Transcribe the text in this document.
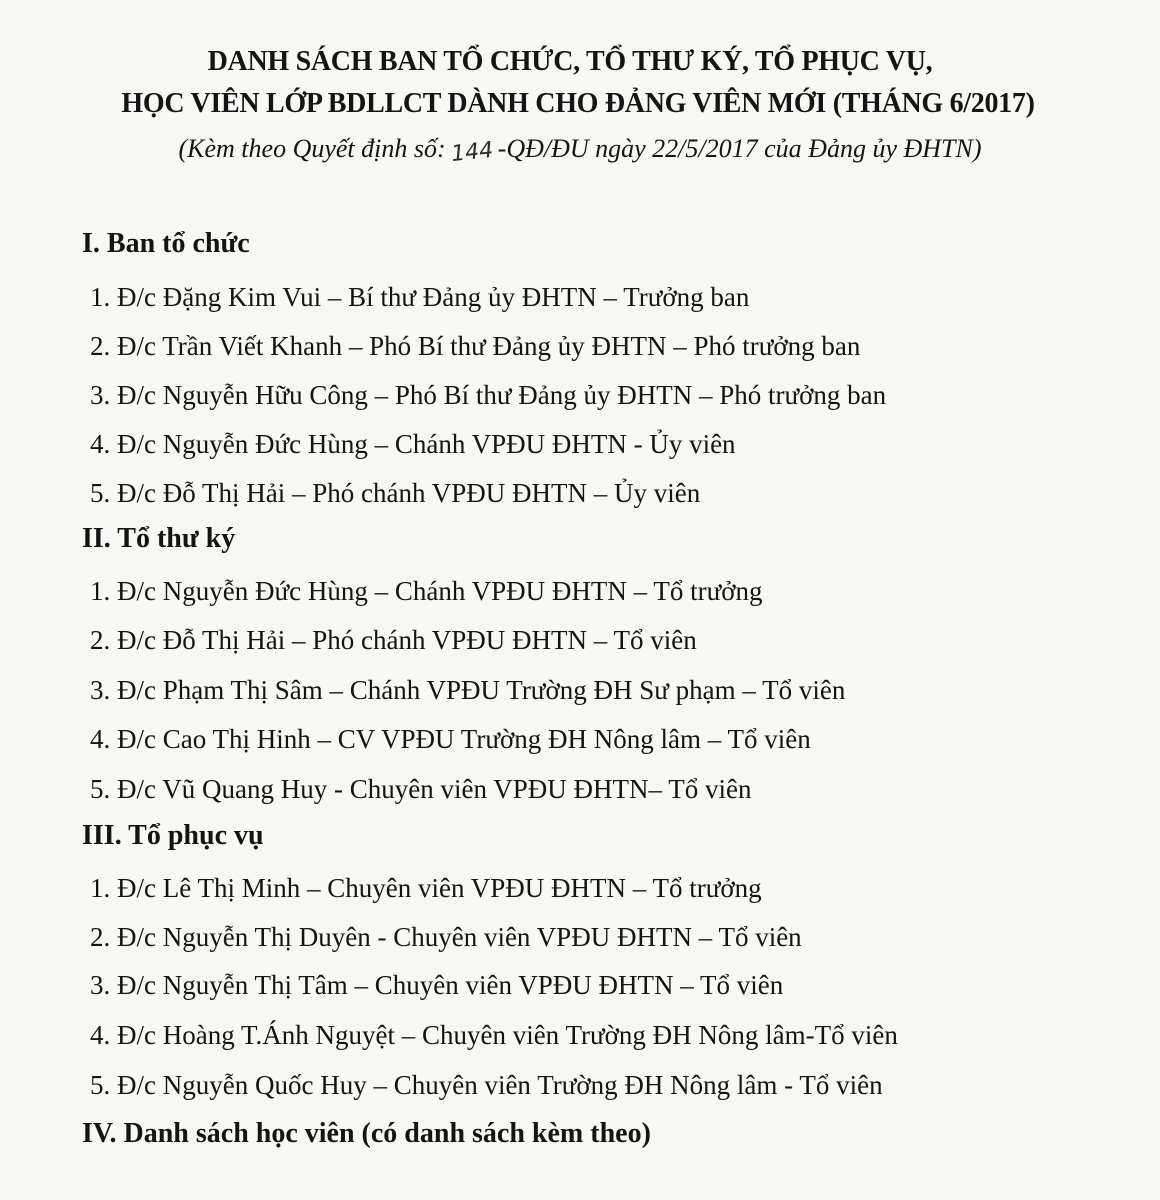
DANH SÁCH BAN TỔ CHỨC, TỔ THƯ KÝ, TỔ PHỤC VỤ,
HỌC VIÊN LỚP BDLLCT DÀNH CHO ĐẢNG VIÊN MỚI (THÁNG 6/2017)
(Kèm theo Quyết định số: 144 -QĐ/ĐU ngày 22/5/2017 của Đảng ủy ĐHTN)
I. Ban tổ chức
1. Đ/c Đặng Kim Vui – Bí thư Đảng ủy ĐHTN – Trưởng ban
2. Đ/c Trần Viết Khanh – Phó Bí thư Đảng ủy ĐHTN – Phó trưởng ban
3. Đ/c Nguyễn Hữu Công – Phó Bí thư Đảng ủy ĐHTN – Phó trưởng ban
4. Đ/c Nguyễn Đức Hùng – Chánh VPĐU ĐHTN - Ủy viên
5. Đ/c Đỗ Thị Hải – Phó chánh VPĐU ĐHTN – Ủy viên
II. Tổ thư ký
1. Đ/c Nguyễn Đức Hùng – Chánh VPĐU ĐHTN – Tổ trưởng
2. Đ/c Đỗ Thị Hải – Phó chánh VPĐU ĐHTN – Tổ viên
3. Đ/c Phạm Thị Sâm – Chánh VPĐU Trường ĐH Sư phạm – Tổ viên
4. Đ/c Cao Thị Hinh – CV VPĐU Trường ĐH Nông lâm – Tổ viên
5. Đ/c Vũ Quang Huy - Chuyên viên VPĐU ĐHTN– Tổ viên
III. Tổ phục vụ
1. Đ/c Lê Thị Minh – Chuyên viên VPĐU ĐHTN – Tổ trưởng
2. Đ/c Nguyễn Thị Duyên - Chuyên viên VPĐU ĐHTN – Tổ viên
3. Đ/c Nguyễn Thị Tâm – Chuyên viên VPĐU ĐHTN – Tổ viên
4. Đ/c Hoàng T.Ánh Nguyệt – Chuyên viên Trường ĐH Nông lâm-Tổ viên
5. Đ/c Nguyễn Quốc Huy – Chuyên viên Trường ĐH Nông lâm - Tổ viên
IV. Danh sách học viên (có danh sách kèm theo)
